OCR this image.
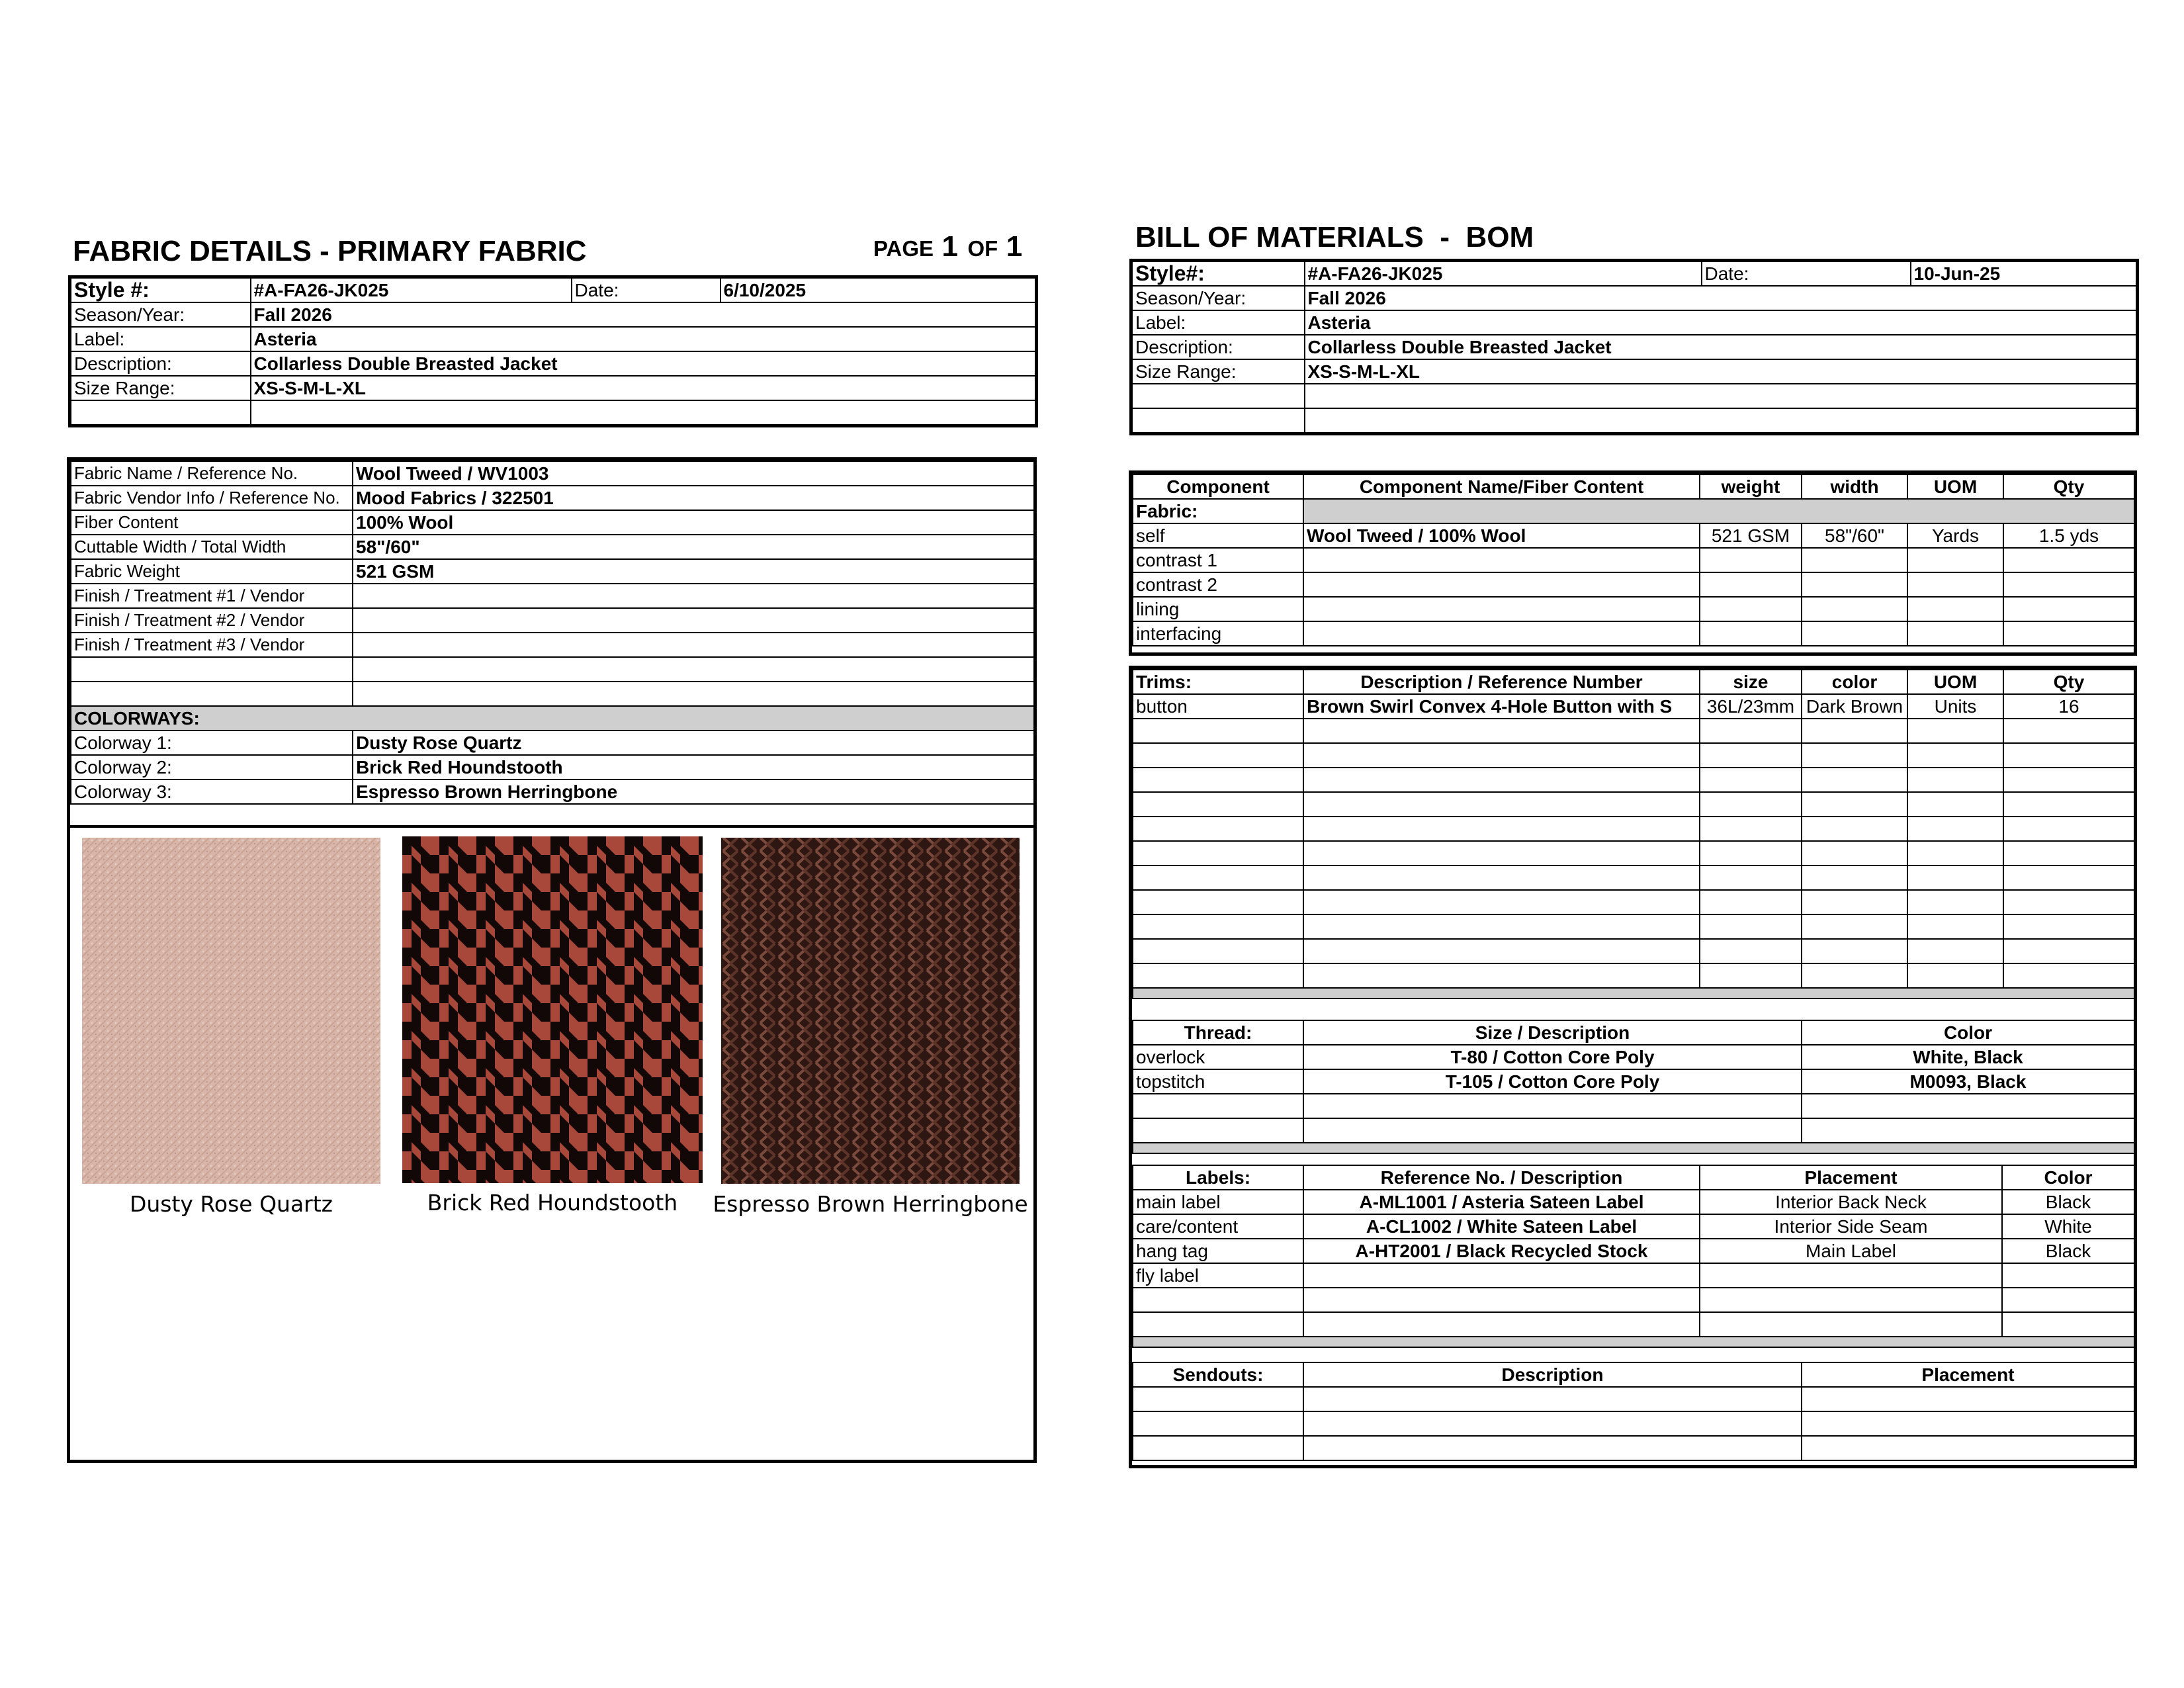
FABRIC DETAILS - PRIMARY FABRIC	PAGE 1 OF 1
Style #:	#A-FA26-JK025	Date:	6/10/2025
Season/Year:	Fall 2026		
Label:	Asteria		
Description:	Collarless Double Breasted Jacket		
Size Range:	XS-S-M-L-XL		

Fabric Name / Reference No.	Wool Tweed / WV1003
Fabric Vendor Info / Reference No.	Mood Fabrics / 322501
Fiber Content	100% Wool
Cuttable Width / Total Width	58"/60"
Fabric Weight	521 GSM
Finish / Treatment #1 / Vendor	
Finish / Treatment #2 / Vendor	
Finish / Treatment #3 / Vendor	

COLORWAYS:	
Colorway 1:	Dusty Rose Quartz
Colorway 2:	Brick Red Houndstooth
Colorway 3:	Espresso Brown Herringbone
Dusty Rose Quartz	Brick Red Houndstooth	Espresso Brown Herringbone
BILL OF MATERIALS  -  BOM
Style#:	#A-FA26-JK025	Date:	10-Jun-25
Season/Year:	Fall 2026		
Label:	Asteria		
Description:	Collarless Double Breasted Jacket		
Size Range:	XS-S-M-L-XL		

Component	Component Name/Fiber Content	weight	width	UOM	Qty
Fabric:					
self	Wool Tweed / 100% Wool	521 GSM	58"/60"	Yards	1.5 yds
contrast 1					
contrast 2					
lining					
interfacing					
Trims:	Description / Reference Number	size	color	UOM	Qty
button	Brown Swirl Convex 4-Hole Button with S	36L/23mm	Dark Brown	Units	16

Thread:	Size / Description	Color
overlock	T-80 / Cotton Core Poly	White, Black
topstitch	T-105 / Cotton Core Poly	M0093, Black

Labels:	Reference No. / Description	Placement	Color
main label	A-ML1001 / Asteria Sateen Label	Interior Back Neck	Black
care/content	A-CL1002 / White Sateen Label	Interior Side Seam	White
hang tag	A-HT2001 / Black Recycled Stock	Main Label	Black
fly label			

Sendouts:	Description	Placement
